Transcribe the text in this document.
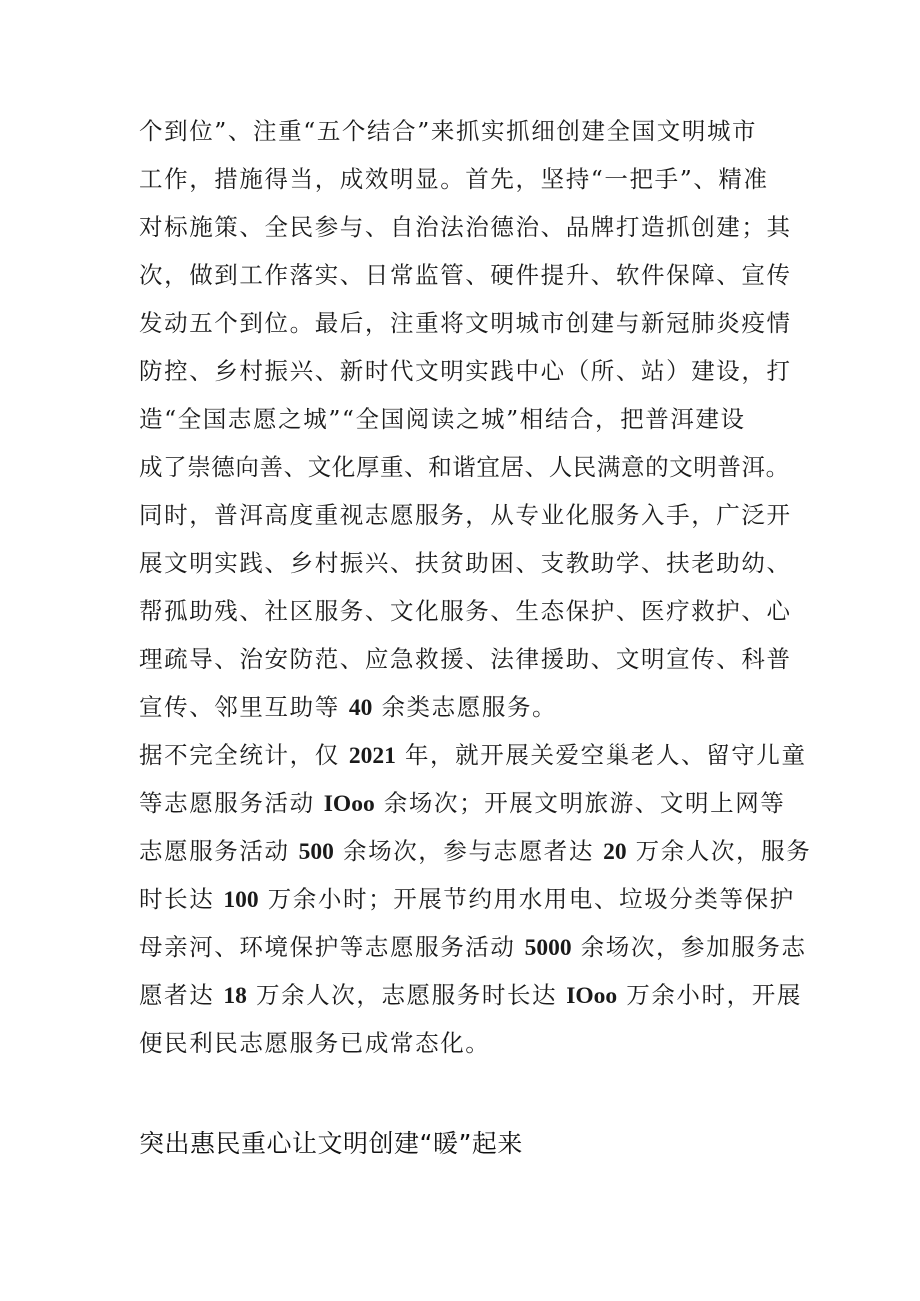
个到位”、注重“五个结合”来抓实抓细创建全国文明城市
工作，措施得当，成效明显。首先，坚持“一把手”、精准
对标施策、全民参与、自治法治德治、品牌打造抓创建；其
次，做到工作落实、日常监管、硬件提升、软件保障、宣传
发动五个到位。最后，注重将文明城市创建与新冠肺炎疫情
防控、乡村振兴、新时代文明实践中心（所、站）建设，打
造“全国志愿之城”“全国阅读之城”相结合，把普洱建设
成了崇德向善、文化厚重、和谐宜居、人民满意的文明普洱。
同时，普洱高度重视志愿服务，从专业化服务入手，广泛开
展文明实践、乡村振兴、扶贫助困、支教助学、扶老助幼、
帮孤助残、社区服务、文化服务、生态保护、医疗救护、心
理疏导、治安防范、应急救援、法律援助、文明宣传、科普
宣传、邻里互助等 40 余类志愿服务。
据不完全统计，仅 2021 年，就开展关爱空巢老人、留守儿童
等志愿服务活动 IOoo 余场次；开展文明旅游、文明上网等
志愿服务活动 500 余场次，参与志愿者达 20 万余人次，服务
时长达 100 万余小时；开展节约用水用电、垃圾分类等保护
母亲河、环境保护等志愿服务活动 5000 余场次，参加服务志
愿者达 18 万余人次，志愿服务时长达 IOoo 万余小时，开展
便民利民志愿服务已成常态化。
突出惠民重心让文明创建“暖”起来
